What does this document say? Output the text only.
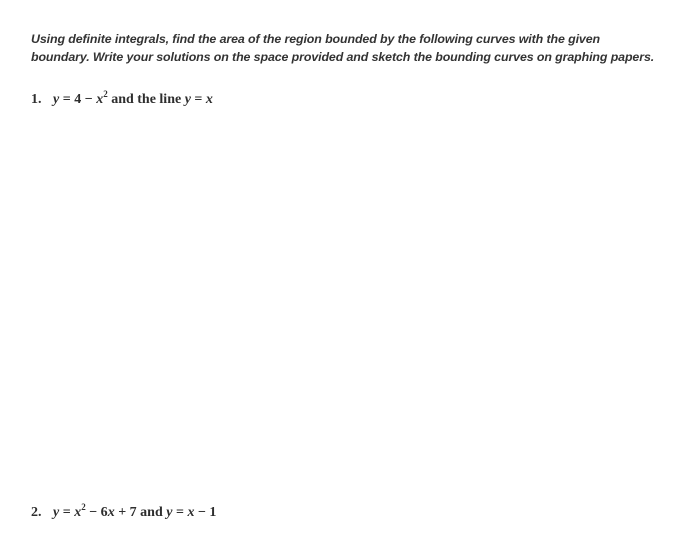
Using definite integrals, find the area of the region bounded by the following curves with the given boundary. Write your solutions on the space provided and sketch the bounding curves on graphing papers.

1. $y = 4 - x^2$ and the line y = x

2. $y = x^2 - 6x + 7$ and y = x − 1
